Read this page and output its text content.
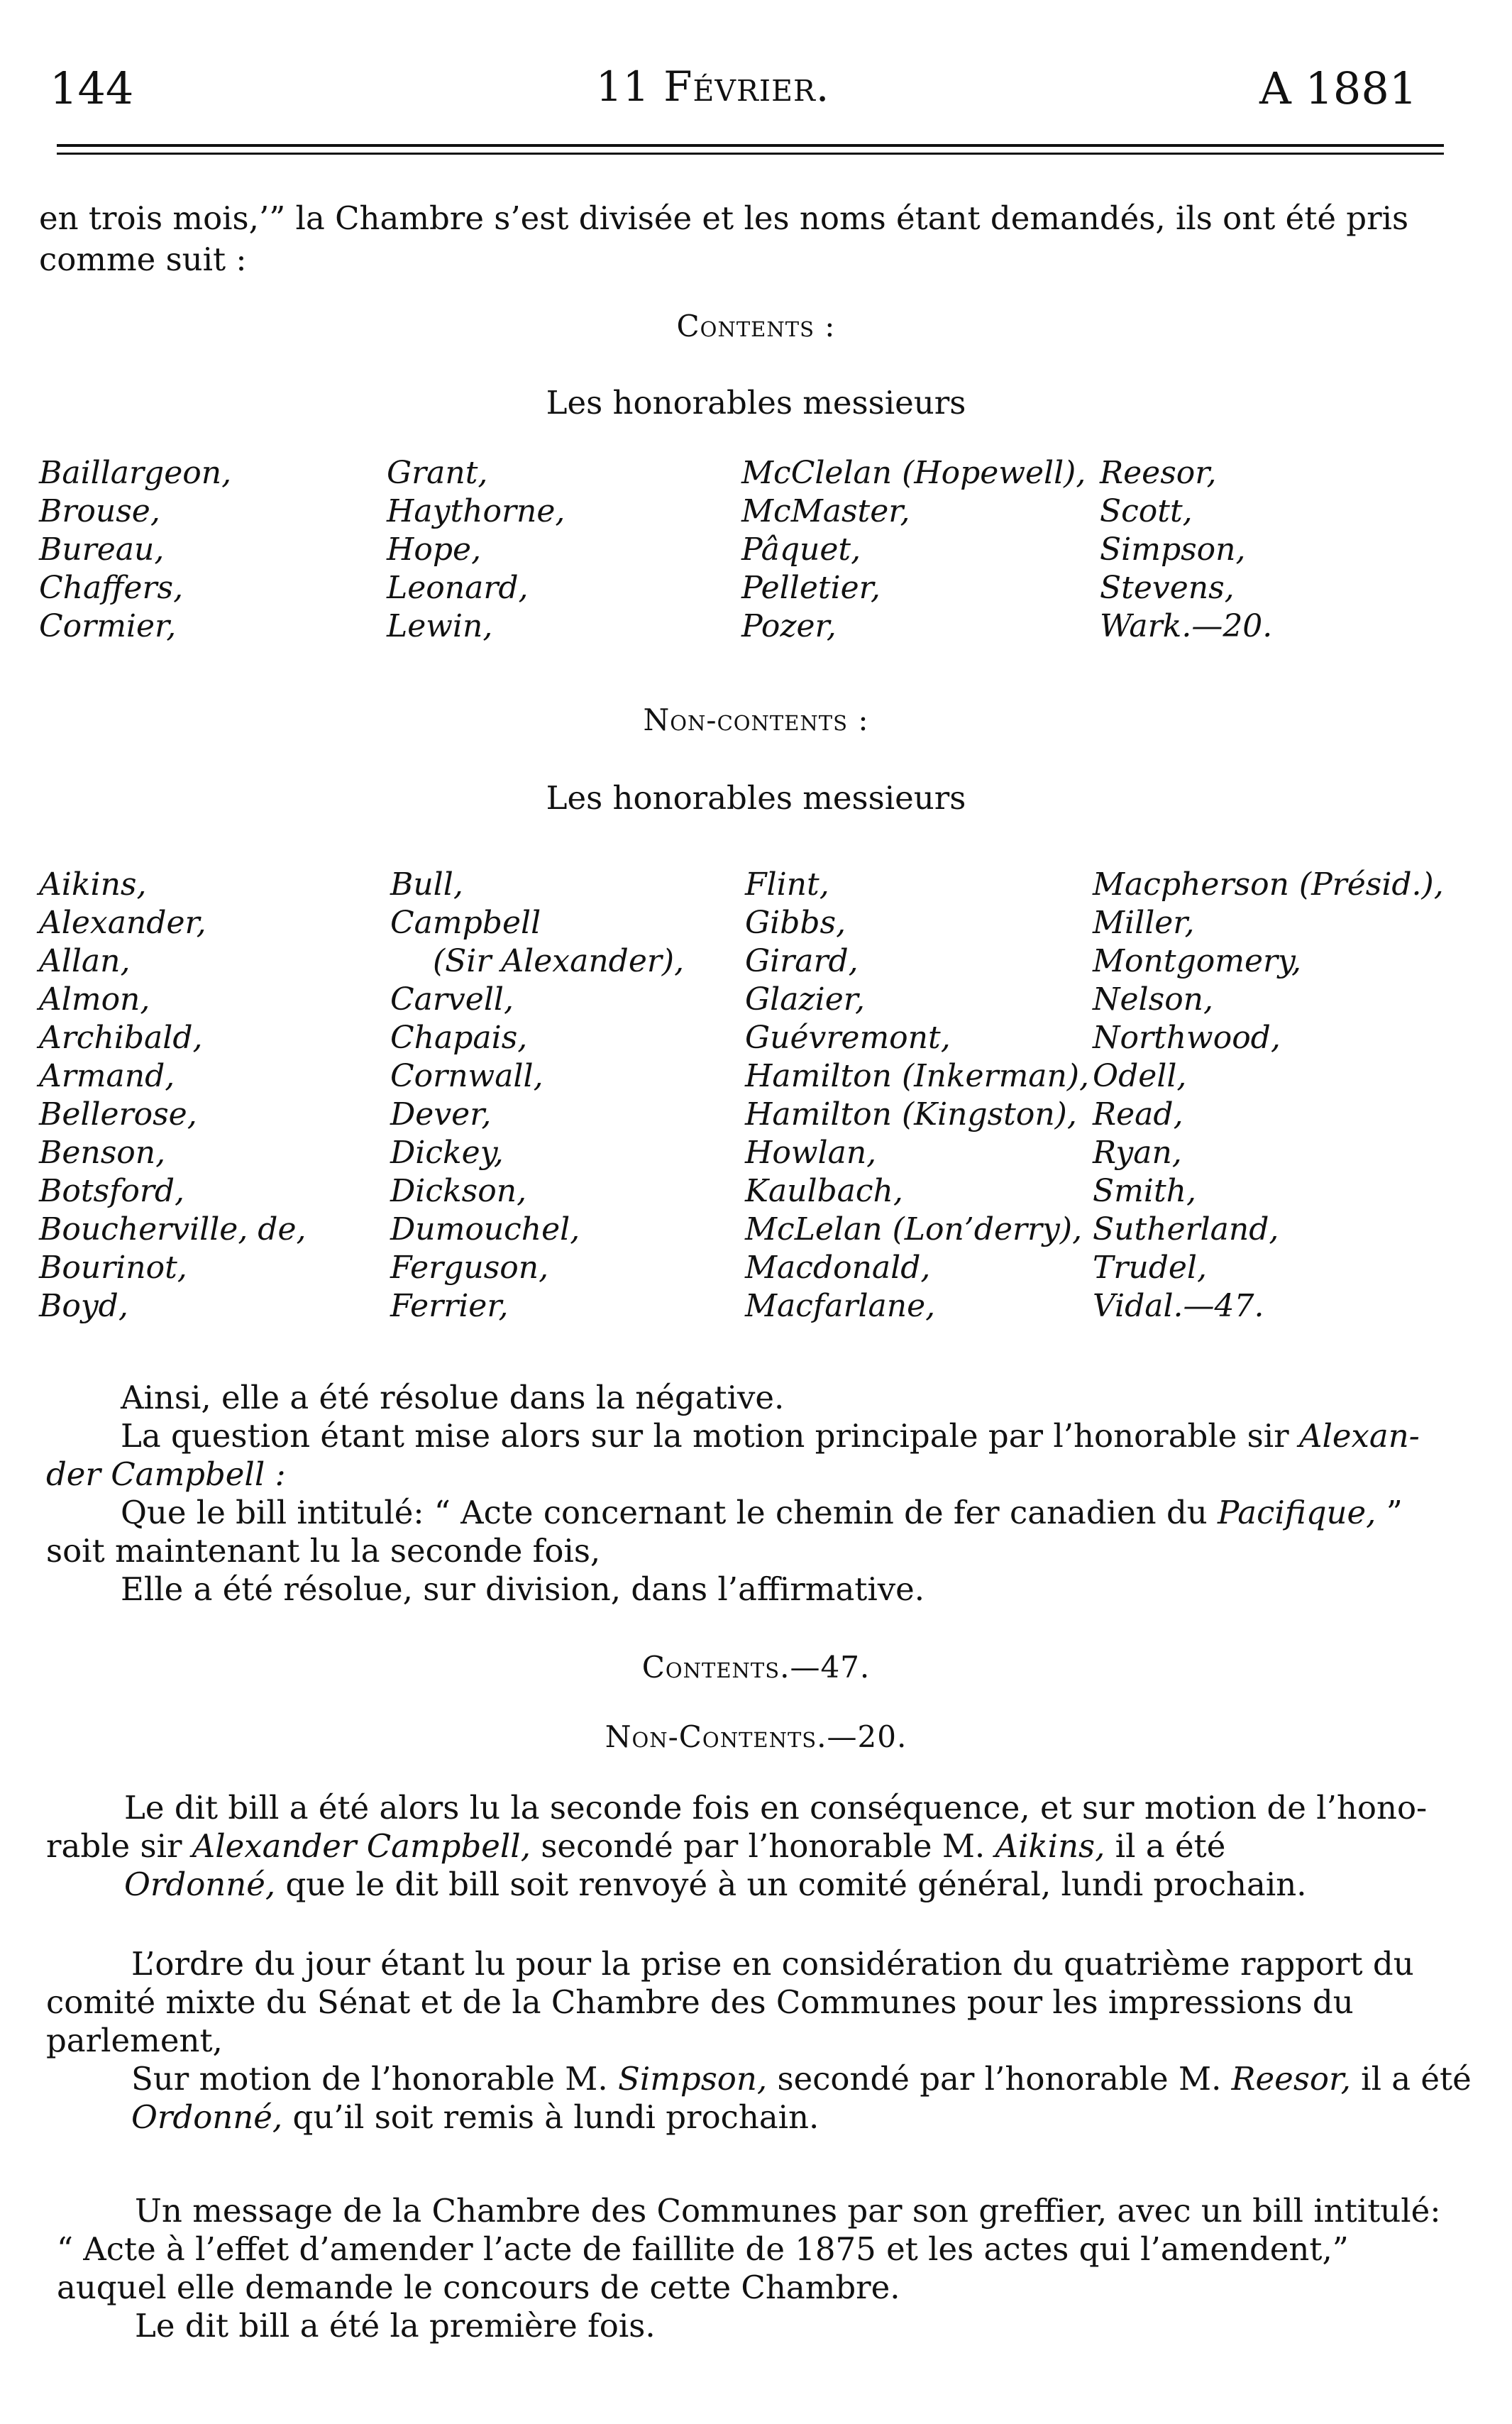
144	11 Février.	A 1881
en trois mois,’” la Chambre s’est divisée et les noms étant demandés, ils ont été pris
comme suit :
Contents :
Les honorables messieurs
Baillargeon,
Brouse,
Bureau,
Chaffers,
Cormier,
Grant,
Haythorne,
Hope,
Leonard,
Lewin,
McClelan (Hopewell),
McMaster,
Pâquet,
Pelletier,
Pozer,
Reesor,
Scott,
Simpson,
Stevens,
Wark.—20.
Non-contents :
Les honorables messieurs
Aikins,
Alexander,
Allan,
Almon,
Archibald,
Armand,
Bellerose,
Benson,
Botsford,
Boucherville, de,
Bourinot,
Boyd,
Bull,
Campbell
(Sir Alexander),
Carvell,
Chapais,
Cornwall,
Dever,
Dickey,
Dickson,
Dumouchel,
Ferguson,
Ferrier,
Flint,
Gibbs,
Girard,
Glazier,
Guévremont,
Hamilton (Inkerman),
Hamilton (Kingston),
Howlan,
Kaulbach,
McLelan (Lon’derry),
Macdonald,
Macfarlane,
Macpherson (Présid.),
Miller,
Montgomery,
Nelson,
Northwood,
Odell,
Read,
Ryan,
Smith,
Sutherland,
Trudel,
Vidal.—47.
Ainsi, elle a été résolue dans la négative.
La question étant mise alors sur la motion principale par l’honorable sir Alexan-
der Campbell :
Que le bill intitulé: “ Acte concernant le chemin de fer canadien du Pacifique, ”
soit maintenant lu la seconde fois,
Elle a été résolue, sur division, dans l’affirmative.
Contents.—47.
Non-Contents.—20.
Le dit bill a été alors lu la seconde fois en conséquence, et sur motion de l’hono-
rable sir Alexander Campbell, secondé par l’honorable M. Aikins, il a été
Ordonné, que le dit bill soit renvoyé à un comité général, lundi prochain.
L’ordre du jour étant lu pour la prise en considération du quatrième rapport du
comité mixte du Sénat et de la Chambre des Communes pour les impressions du
parlement,
Sur motion de l’honorable M. Simpson, secondé par l’honorable M. Reesor, il a été
Ordonné, qu’il soit remis à lundi prochain.
Un message de la Chambre des Communes par son greffier, avec un bill intitulé:
“ Acte à l’effet d’amender l’acte de faillite de 1875 et les actes qui l’amendent,”
auquel elle demande le concours de cette Chambre.
Le dit bill a été la première fois.
